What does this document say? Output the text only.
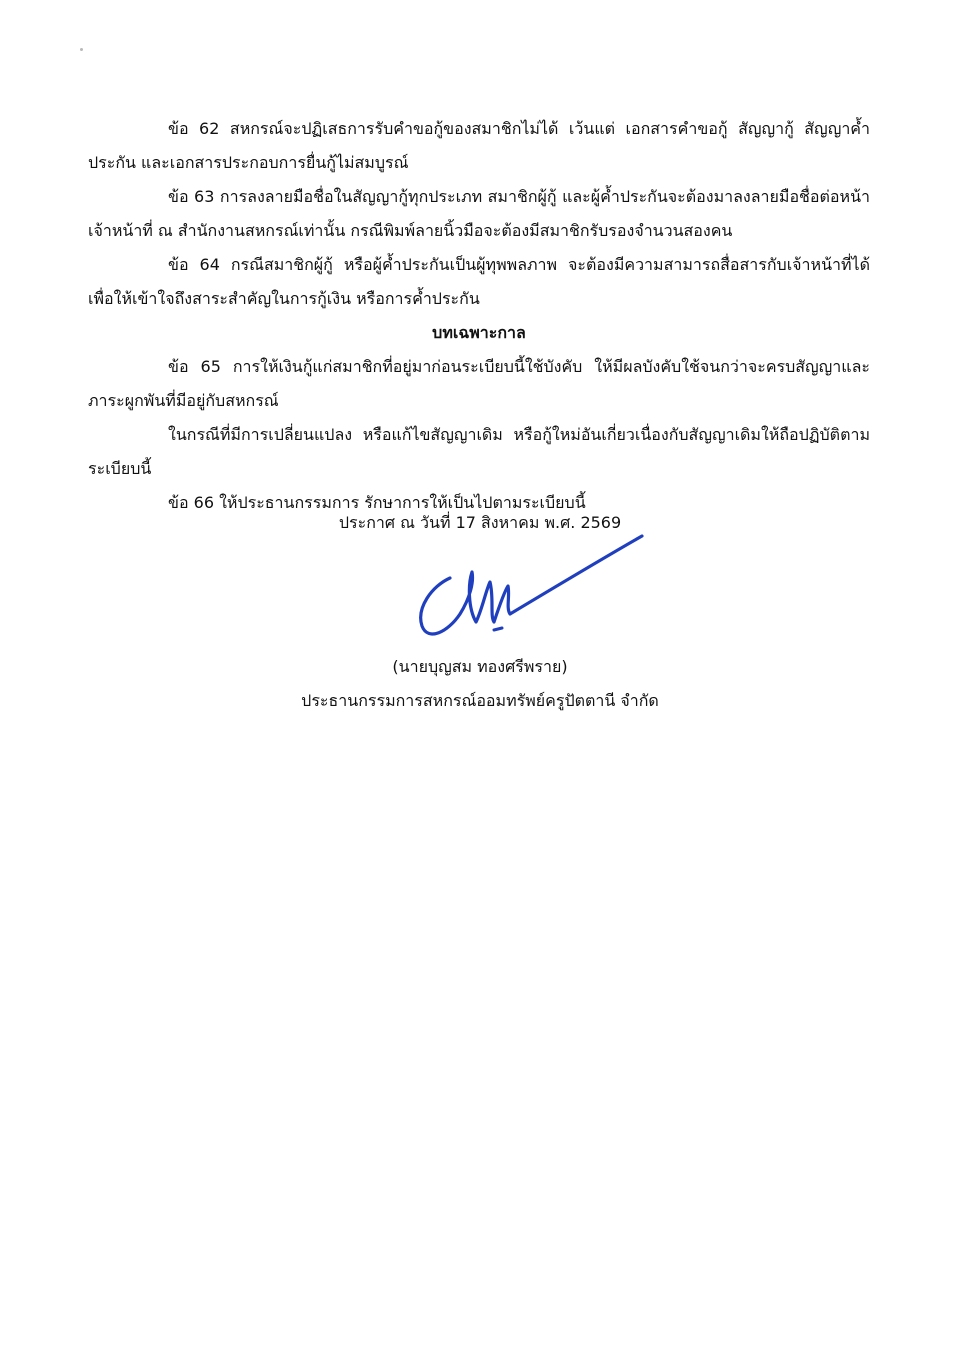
ข้อ 62 สหกรณ์จะปฏิเสธการรับคำขอกู้ของสมาชิกไม่ได้ เว้นแต่ เอกสารคำขอกู้ สัญญากู้ สัญญาค้ำประกัน และเอกสารประกอบการยื่นกู้ไม่สมบูรณ์

ข้อ 63 การลงลายมือชื่อในสัญญากู้ทุกประเภท สมาชิกผู้กู้ และผู้ค้ำประกันจะต้องมาลงลายมือชื่อต่อหน้าเจ้าหน้าที่ ณ สำนักงานสหกรณ์เท่านั้น กรณีพิมพ์ลายนิ้วมือจะต้องมีสมาชิกรับรองจำนวนสองคน

ข้อ 64 กรณีสมาชิกผู้กู้ หรือผู้ค้ำประกันเป็นผู้ทุพพลภาพ จะต้องมีความสามารถสื่อสารกับเจ้าหน้าที่ได้เพื่อให้เข้าใจถึงสาระสำคัญในการกู้เงิน หรือการค้ำประกัน

บทเฉพาะกาล

ข้อ 65 การให้เงินกู้แก่สมาชิกที่อยู่มาก่อนระเบียบนี้ใช้บังคับ ให้มีผลบังคับใช้จนกว่าจะครบสัญญาและภาระผูกพันที่มีอยู่กับสหกรณ์

ในกรณีที่มีการเปลี่ยนแปลง หรือแก้ไขสัญญาเดิม หรือกู้ใหม่อันเกี่ยวเนื่องกับสัญญาเดิมให้ถือปฏิบัติตามระเบียบนี้

ข้อ 66 ให้ประธานกรรมการ รักษาการให้เป็นไปตามระเบียบนี้

ประกาศ ณ วันที่ 17 สิงหาคม พ.ศ. 2569
(นายบุญสม ทองศรีพราย)
ประธานกรรมการสหกรณ์ออมทรัพย์ครูปัตตานี จำกัด
